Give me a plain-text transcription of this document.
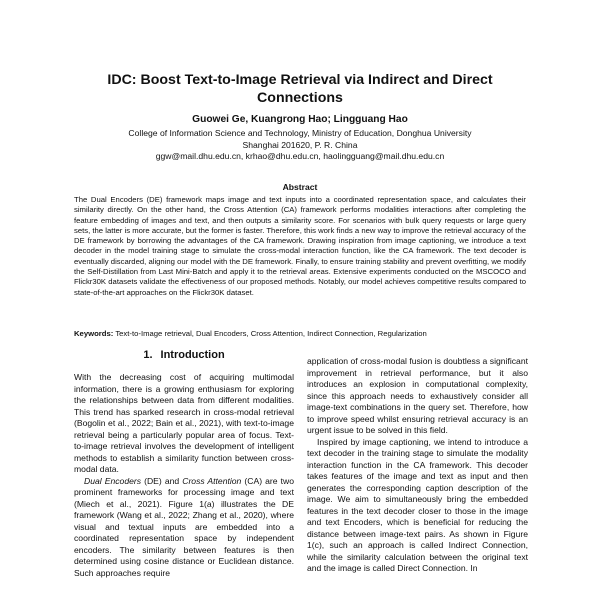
IDC: Boost Text-to-Image Retrieval via Indirect and Direct
Connections
Guowei Ge, Kuangrong Hao; Lingguang Hao
College of Information Science and Technology, Ministry of Education, Donghua University
Shanghai 201620, P. R. China
ggw@mail.dhu.edu.cn, krhao@dhu.edu.cn, haolingguang@mail.dhu.edu.cn
Abstract
The Dual Encoders (DE) framework maps image and text inputs into a coordinated representation space, and calculates their similarity directly. On the other hand, the Cross Attention (CA) framework performs modalities interactions after completing the feature embedding of images and text, and then outputs a similarity score. For scenarios with bulk query requests or large query sets, the latter is more accurate, but the former is faster. Therefore, this work finds a new way to improve the retrieval accuracy of the DE framework by borrowing the advantages of the CA framework. Drawing inspiration from image captioning, we introduce a text decoder in the model training stage to simulate the cross-modal interaction function, like the CA framework. The text decoder is eventually discarded, aligning our model with the DE framework. Finally, to ensure training stability and prevent overfitting, we modify the Self-Distillation from Last Mini-Batch and apply it to the retrieval areas. Extensive experiments conducted on the MSCOCO and Flickr30K datasets validate the effectiveness of our proposed methods. Notably, our model achieves competitive results compared to state-of-the-art approaches on the Flickr30K dataset.
Keywords: Text-to-Image retrieval, Dual Encoders, Cross Attention, Indirect Connection, Regularization
1. Introduction

With the decreasing cost of acquiring multimodal information, there is a growing enthusiasm for exploring the relationships between data from different modalities. This trend has sparked research in cross-modal retrieval (Bogolin et al., 2022; Bain et al., 2021), with text-to-image retrieval being a particularly popular area of focus. Text-to-image retrieval involves the development of intelligent methods to establish a similarity function between cross-modal data.

Dual Encoders (DE) and Cross Attention (CA) are two prominent frameworks for processing image and text (Miech et al., 2021). Figure 1(a) illustrates the DE framework (Wang et al., 2022; Zhang et al., 2020), where visual and textual inputs are embedded into a coordinated representation space by independent encoders. The similarity between features is then determined using cosine distance or Euclidean distance. Such approaches require

application of cross-modal fusion is doubtless a significant improvement in retrieval performance, but it also introduces an explosion in computational complexity, since this approach needs to exhaustively consider all image-text combinations in the query set. Therefore, how to improve speed whilst ensuring retrieval accuracy is an urgent issue to be solved in this field.

Inspired by image captioning, we intend to introduce a text decoder in the training stage to simulate the modality interaction function in the CA framework. This decoder takes features of the image and text as input and then generates the corresponding caption description of the image. We aim to simultaneously bring the embedded features in the text decoder closer to those in the image and text Encoders, which is beneficial for reducing the distance between image-text pairs. As shown in Figure 1(c), such an approach is called Indirect Connection, while the similarity calculation between the original text and the image is called Direct Connection. In
